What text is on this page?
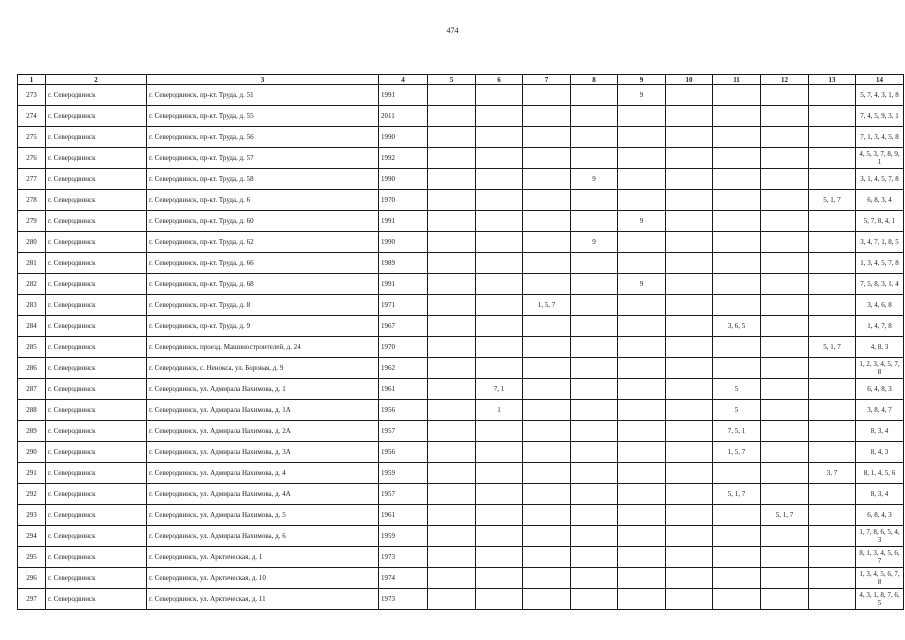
474
1	2	3	4	5	6	7	8	9	10	11	12	13	14
273	г. Северодвинск	г. Северодвинск, пр-кт. Труда, д. 51	1991					9					5, 7, 4, 3, 1, 8
274	г. Северодвинск	г. Северодвинск, пр-кт. Труда, д. 55	2011										7, 4, 5, 9, 3, 1
275	г. Северодвинск	г. Северодвинск, пр-кт. Труда, д. 56	1990										7, 1, 3, 4, 5, 8
276	г. Северодвинск	г. Северодвинск, пр-кт. Труда, д. 57	1992										4, 5, 3, 7, 8, 9, 1
277	г. Северодвинск	г. Северодвинск, пр-кт. Труда, д. 58	1990				9						3, 1, 4, 5, 7, 8
278	г. Северодвинск	г. Северодвинск, пр-кт. Труда, д. 6	1970									5, 1, 7	6, 8, 3, 4
279	г. Северодвинск	г. Северодвинск, пр-кт. Труда, д. 60	1991					9					5, 7, 8, 4, 1
280	г. Северодвинск	г. Северодвинск, пр-кт. Труда, д. 62	1990				9						3, 4, 7, 1, 8, 5
281	г. Северодвинск	г. Северодвинск, пр-кт. Труда, д. 66	1989										1, 3, 4, 5, 7, 8
282	г. Северодвинск	г. Северодвинск, пр-кт. Труда, д. 68	1991					9					7, 5, 8, 3, 1, 4
283	г. Северодвинск	г. Северодвинск, пр-кт. Труда, д. 8	1971			1, 5, 7							3, 4, 6, 8
284	г. Северодвинск	г. Северодвинск, пр-кт. Труда, д. 9	1967							3, 6, 5			1, 4, 7, 8
285	г. Северодвинск	г. Северодвинск, проезд. Машиностроителей, д. 24	1970									5, 1, 7	4, 8, 3
286	г. Северодвинск	г. Северодвинск, с. Ненокса, ул. Боровая, д. 9	1962										1, 2, 3, 4, 5, 7, 8
287	г. Северодвинск	г. Северодвинск, ул. Адмирала Нахимова, д. 1	1961		7, 1					5			6, 4, 8, 3
288	г. Северодвинск	г. Северодвинск, ул. Адмирала Нахимова, д. 1А	1956		1					5			3, 8, 4, 7
289	г. Северодвинск	г. Северодвинск, ул. Адмирала Нахимова, д. 2А	1957							7, 5, 1			8, 3, 4
290	г. Северодвинск	г. Северодвинск, ул. Адмирала Нахимова, д. 3А	1956							1, 5, 7			8, 4, 3
291	г. Северодвинск	г. Северодвинск, ул. Адмирала Нахимова, д. 4	1959									3, 7	8, 1, 4, 5, 6
292	г. Северодвинск	г. Северодвинск, ул. Адмирала Нахимова, д. 4А	1957							5, 1, 7			8, 3, 4
293	г. Северодвинск	г. Северодвинск, ул. Адмирала Нахимова, д. 5	1961								5, 1, 7		6, 8, 4, 3
294	г. Северодвинск	г. Северодвинск, ул. Адмирала Нахимова, д. 6	1959										1, 7, 8, 6, 5, 4, 3
295	г. Северодвинск	г. Северодвинск, ул. Арктическая, д. 1	1973										8, 1, 3, 4, 5, 6, 7
296	г. Северодвинск	г. Северодвинск, ул. Арктическая, д. 10	1974										1, 3, 4, 5, 6, 7, 8
297	г. Северодвинск	г. Северодвинск, ул. Арктическая, д. 11	1973										4, 3, 1, 8, 7, 6, 5
